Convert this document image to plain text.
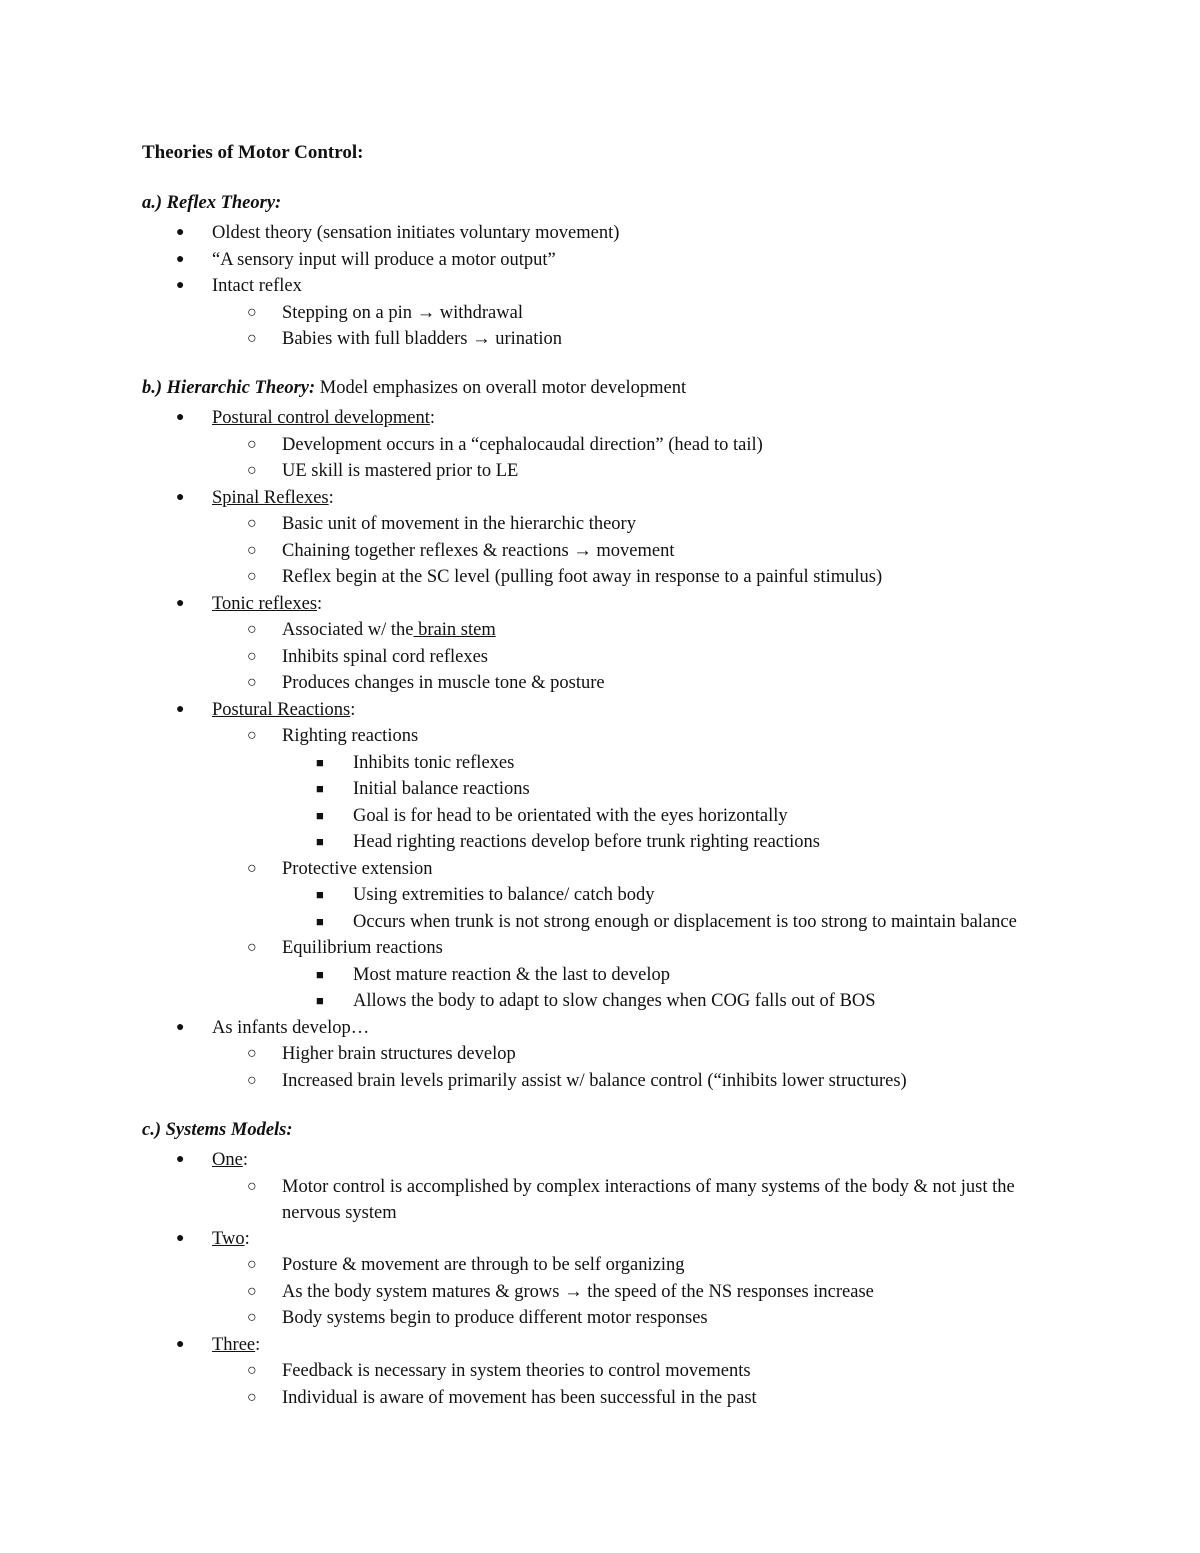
Theories of Motor Control:

a.) Reflex Theory:

● Oldest theory (sensation initiates voluntary movement)
● “A sensory input will produce a motor output”
● Intact reflex
○ Stepping on a pin → withdrawal
○ Babies with full bladders → urination

b.) Hierarchic Theory: Model emphasizes on overall motor development

● Postural control development:
○ Development occurs in a “cephalocaudal direction” (head to tail)
○ UE skill is mastered prior to LE
● Spinal Reflexes:
○ Basic unit of movement in the hierarchic theory
○ Chaining together reflexes & reactions → movement
○ Reflex begin at the SC level (pulling foot away in response to a painful stimulus)
● Tonic reflexes:
○ Associated w/ the brain stem
○ Inhibits spinal cord reflexes
○ Produces changes in muscle tone & posture
● Postural Reactions:
○ Righting reactions
■ Inhibits tonic reflexes
■ Initial balance reactions
■ Goal is for head to be orientated with the eyes horizontally
■ Head righting reactions develop before trunk righting reactions
○ Protective extension
■ Using extremities to balance/ catch body
■ Occurs when trunk is not strong enough or displacement is too strong to maintain balance
○ Equilibrium reactions
■ Most mature reaction & the last to develop
■ Allows the body to adapt to slow changes when COG falls out of BOS
● As infants develop…
○ Higher brain structures develop
○ Increased brain levels primarily assist w/ balance control (“inhibits lower structures)

c.) Systems Models:

● One:
○ Motor control is accomplished by complex interactions of many systems of the body & not just the nervous system
● Two:
○ Posture & movement are through to be self organizing
○ As the body system matures & grows → the speed of the NS responses increase
○ Body systems begin to produce different motor responses
● Three:
○ Feedback is necessary in system theories to control movements
○ Individual is aware of movement has been successful in the past
